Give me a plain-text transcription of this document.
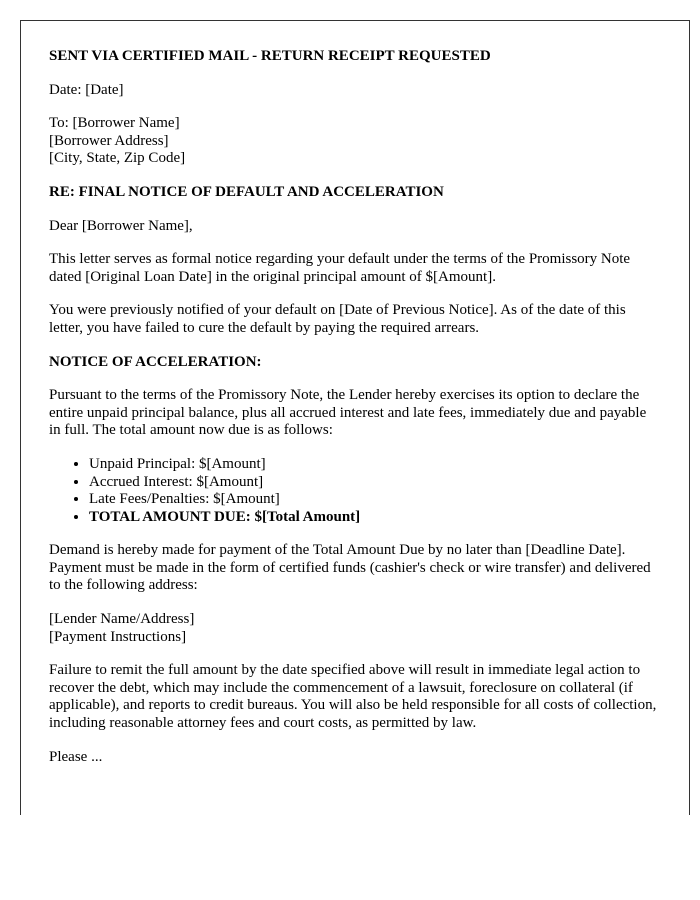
SENT VIA CERTIFIED MAIL - RETURN RECEIPT REQUESTED

Date: [Date]

To: [Borrower Name]
[Borrower Address]
[City, State, Zip Code]

RE: FINAL NOTICE OF DEFAULT AND ACCELERATION

Dear [Borrower Name],

This letter serves as formal notice regarding your default under the terms of the Promissory Note dated [Original Loan Date] in the original principal amount of $[Amount].

You were previously notified of your default on [Date of Previous Notice]. As of the date of this letter, you have failed to cure the default by paying the required arrears.

NOTICE OF ACCELERATION:

Pursuant to the terms of the Promissory Note, the Lender hereby exercises its option to declare the entire unpaid principal balance, plus all accrued interest and late fees, immediately due and payable in full. The total amount now due is as follows:

• Unpaid Principal: $[Amount]
• Accrued Interest: $[Amount]
• Late Fees/Penalties: $[Amount]
• TOTAL AMOUNT DUE: $[Total Amount]

Demand is hereby made for payment of the Total Amount Due by no later than [Deadline Date]. Payment must be made in the form of certified funds (cashier's check or wire transfer) and delivered to the following address:

[Lender Name/Address]
[Payment Instructions]

Failure to remit the full amount by the date specified above will result in immediate legal action to recover the debt, which may include the commencement of a lawsuit, foreclosure on collateral (if applicable), and reports to credit bureaus. You will also be held responsible for all costs of collection, including reasonable attorney fees and court costs, as permitted by law.

Please ...
